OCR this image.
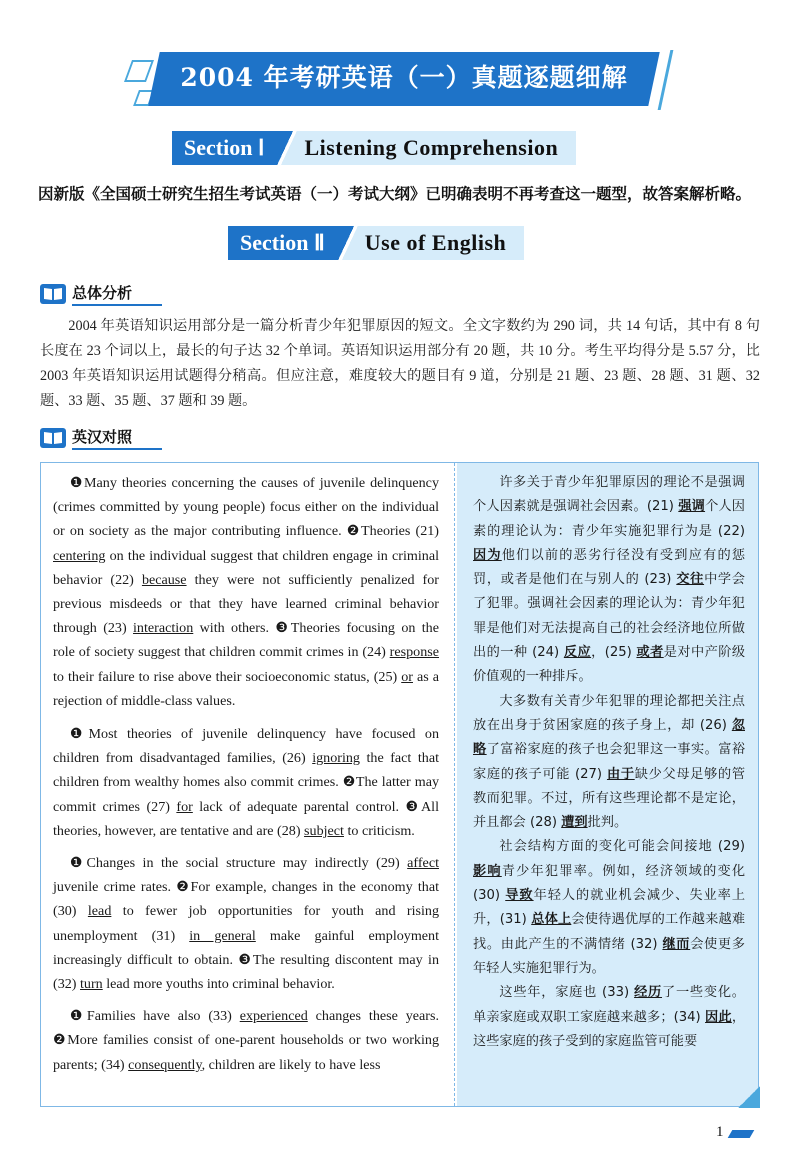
2004 年考研英语（一）真题逐题细解
Section Ⅰ	Listening Comprehension
因新版《全国硕士研究生招生考试英语（一）考试大纲》已明确表明不再考查这一题型，故答案解析略。
Section Ⅱ	Use of English
总体分析
2004 年英语知识运用部分是一篇分析青少年犯罪原因的短文。全文字数约为 290 词，共 14 句话，其中有 8 句长度在 23 个词以上，最长的句子达 32 个单词。英语知识运用部分有 20 题，共 10 分。考生平均得分是 5.57 分，比 2003 年英语知识运用试题得分稍高。但应注意，难度较大的题目有 9 道，分别是 21 题、23 题、28 题、31 题、32 题、33 题、35 题、37 题和 39 题。
英汉对照

❶Many theories concerning the causes of juvenile delinquency (crimes committed by young people) focus either on the individual or on society as the major contributing influence. ❷Theories (21) centering on the individual suggest that children engage in criminal behavior (22) because they were not sufficiently penalized for previous misdeeds or that they have learned criminal behavior through (23) interaction with others. ❸Theories focusing on the role of society suggest that children commit crimes in (24) response to their failure to rise above their socioeconomic status, (25) or as a rejection of middle-class values.

❶Most theories of juvenile delinquency have focused on children from disadvantaged families, (26) ignoring the fact that children from wealthy homes also commit crimes. ❷The latter may commit crimes (27) for lack of adequate parental control. ❸All theories, however, are tentative and are (28) subject to criticism.

❶Changes in the social structure may indirectly (29) affect juvenile crime rates. ❷For example, changes in the economy that (30) lead to fewer job opportunities for youth and rising unemployment (31) in general make gainful employment increasingly difficult to obtain. ❸The resulting discontent may in (32) turn lead more youths into criminal behavior.

❶Families have also (33) experienced changes these years. ❷More families consist of one-parent households or two working parents; (34) consequently, children are likely to have less

许多关于青少年犯罪原因的理论不是强调个人因素就是强调社会因素。(21) 强调个人因素的理论认为：青少年实施犯罪行为是 (22) 因为他们以前的恶劣行径没有受到应有的惩罚，或者是他们在与别人的 (23) 交往中学会了犯罪。强调社会因素的理论认为：青少年犯罪是他们对无法提高自己的社会经济地位所做出的一种 (24) 反应，(25) 或者是对中产阶级价值观的一种排斥。

大多数有关青少年犯罪的理论都把关注点放在出身于贫困家庭的孩子身上，却 (26) 忽略了富裕家庭的孩子也会犯罪这一事实。富裕家庭的孩子可能 (27) 由于缺少父母足够的管教而犯罪。不过，所有这些理论都不是定论，并且都会 (28) 遭到批判。

社会结构方面的变化可能会间接地 (29) 影响青少年犯罪率。例如，经济领域的变化 (30) 导致年轻人的就业机会减少、失业率上升，(31) 总体上会使待遇优厚的工作越来越难找。由此产生的不满情绪 (32) 继而会使更多年轻人实施犯罪行为。

这些年，家庭也 (33) 经历了一些变化。单亲家庭或双职工家庭越来越多；(34) 因此，这些家庭的孩子受到的家庭监管可能要

1
